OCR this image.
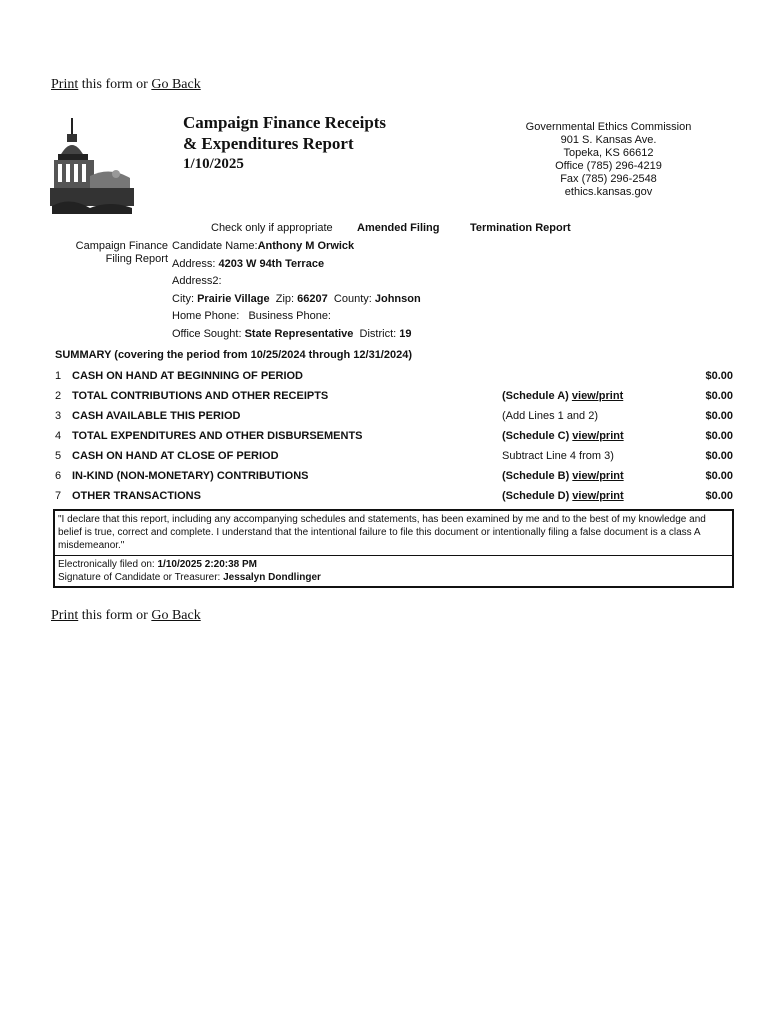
Print this form or Go Back
Campaign Finance Receipts
& Expenditures Report
1/10/2025
Governmental Ethics Commission
901 S. Kansas Ave.
Topeka, KS 66612
Office (785) 296-4219
Fax (785) 296-2548
ethics.kansas.gov
Check only if appropriate Amended Filing	Termination Report
Campaign Finance
Filing Report
Candidate Name:Anthony M Orwick
Address: 4203 W 94th Terrace
Address2:
City: Prairie Village Zip: 66207 County: Johnson
Home Phone: Business Phone:
Office Sought: State Representative District: 19
SUMMARY (covering the period from 10/25/2024 through 12/31/2024)
1	CASH ON HAND AT BEGINNING OF PERIOD		$0.00
2	TOTAL CONTRIBUTIONS AND OTHER RECEIPTS	(Schedule A) view/print	$0.00
3	CASH AVAILABLE THIS PERIOD	(Add Lines 1 and 2)	$0.00
4	TOTAL EXPENDITURES AND OTHER DISBURSEMENTS	(Schedule C) view/print	$0.00
5	CASH ON HAND AT CLOSE OF PERIOD	Subtract Line 4 from 3)	$0.00
6	IN-KIND (NON-MONETARY) CONTRIBUTIONS	(Schedule B) view/print	$0.00
7	OTHER TRANSACTIONS	(Schedule D) view/print	$0.00
"I declare that this report, including any accompanying schedules and statements, has been examined by me and to the best of my knowledge and belief is true, correct and complete. I understand that the intentional failure to file this document or intentionally filing a false document is a class A misdemeanor."
Electronically filed on: 1/10/2025 2:20:38 PM
Signature of Candidate or Treasurer: Jessalyn Dondlinger
Print this form or Go Back
